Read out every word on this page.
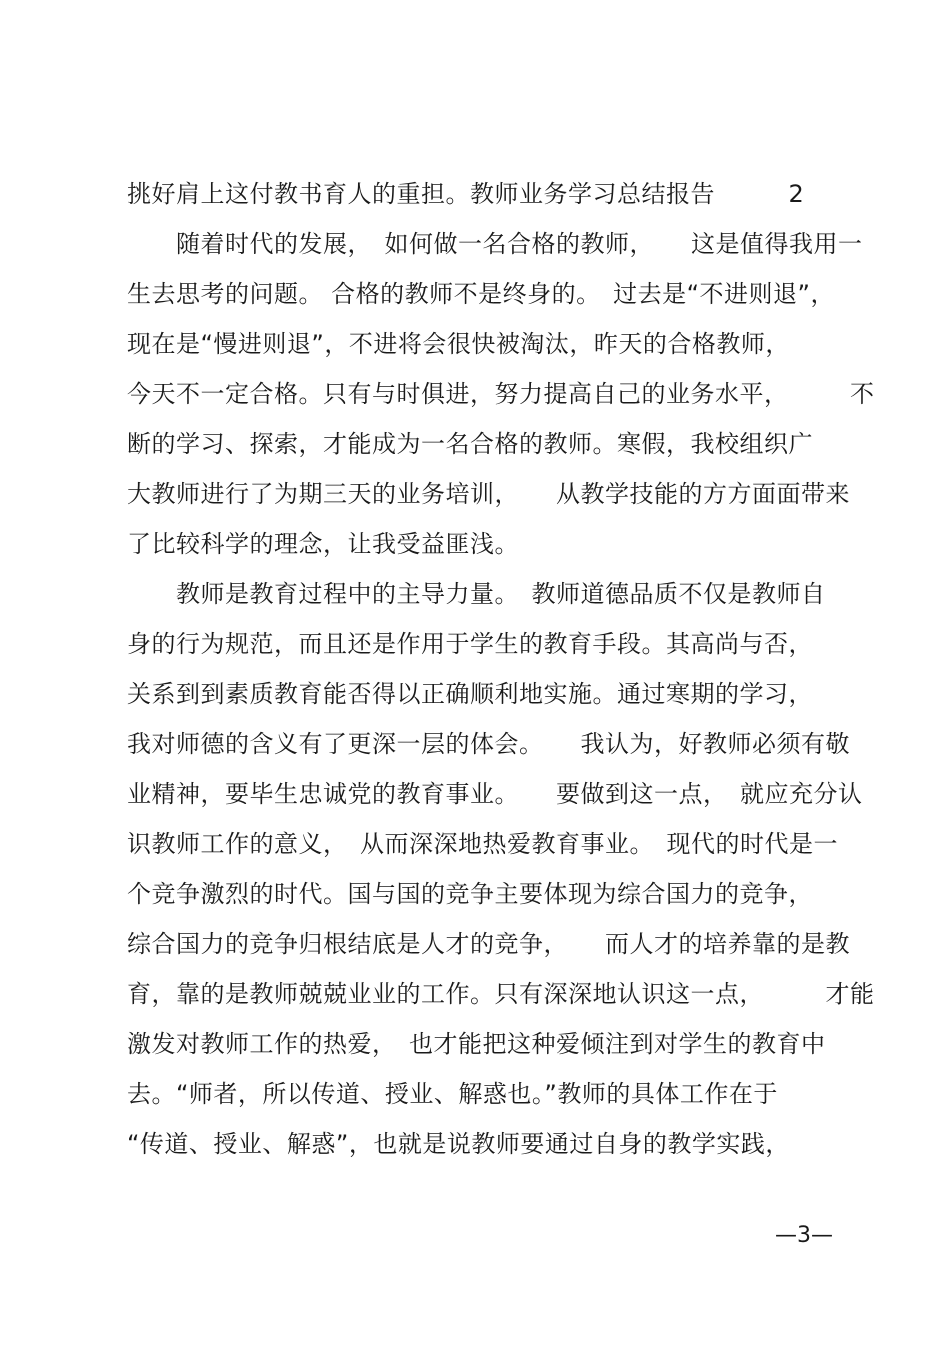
挑好肩上这付教书育人的重担。教师业务学习总结报告　　　2
　　随着时代的发展，　如何做一名合格的教师，　　这是值得我用一
生去思考的问题。 合格的教师不是终身的。　过去是“不进则退”，
现在是“慢进则退”，不进将会很快被淘汰，昨天的合格教师，
今天不一定合格。只有与时俱进，努力提高自己的业务水平，　　　不
断的学习、探索，才能成为一名合格的教师。寒假，我校组织广
大教师进行了为期三天的业务培训，　　从教学技能的方方面面带来
了比较科学的理念，让我受益匪浅。
　　教师是教育过程中的主导力量。　教师道德品质不仅是教师自
身的行为规范，而且还是作用于学生的教育手段。其高尚与否，
关系到到素质教育能否得以正确顺利地实施。通过寒期的学习，
我对师德的含义有了更深一层的体会。　　我认为，好教师必须有敬
业精神，要毕生忠诚党的教育事业。　　要做到这一点，　就应充分认
识教师工作的意义，　从而深深地热爱教育事业。　现代的时代是一
个竞争激烈的时代。国与国的竞争主要体现为综合国力的竞争，
综合国力的竞争归根结底是人才的竞争，　　而人才的培养靠的是教
育，靠的是教师兢兢业业的工作。只有深深地认识这一点，　　　才能
激发对教师工作的热爱，　也才能把这种爱倾注到对学生的教育中
去。“师者，所以传道、授业、解惑也。”教师的具体工作在于
“传道、授业、解惑”，也就是说教师要通过自身的教学实践，
—3—
